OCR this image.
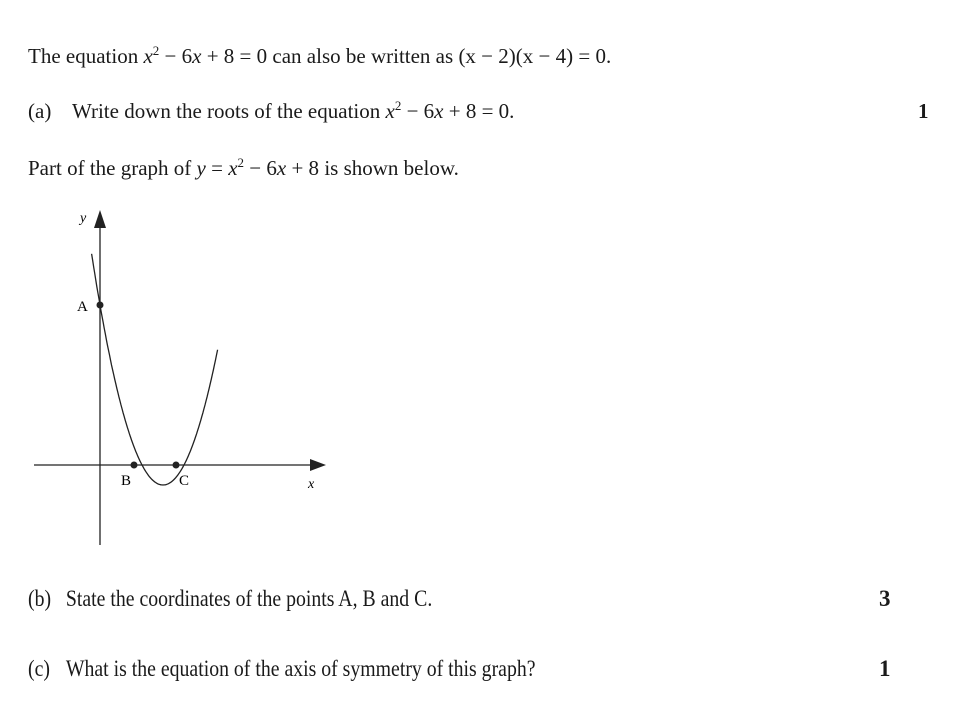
The equation $x^2 - 6x + 8 = 0$ can also be written as (x − 2)(x − 4) = 0.
(a) Write down the roots of the equation $x^2 - 6x + 8 = 0$.	1
Part of the graph of $y = x^2 - 6x + 8$ is shown below.
y
x
A
B	C
(b) State the coordinates of the points A, B and C.	3
(c) What is the equation of the axis of symmetry of this graph?	1
